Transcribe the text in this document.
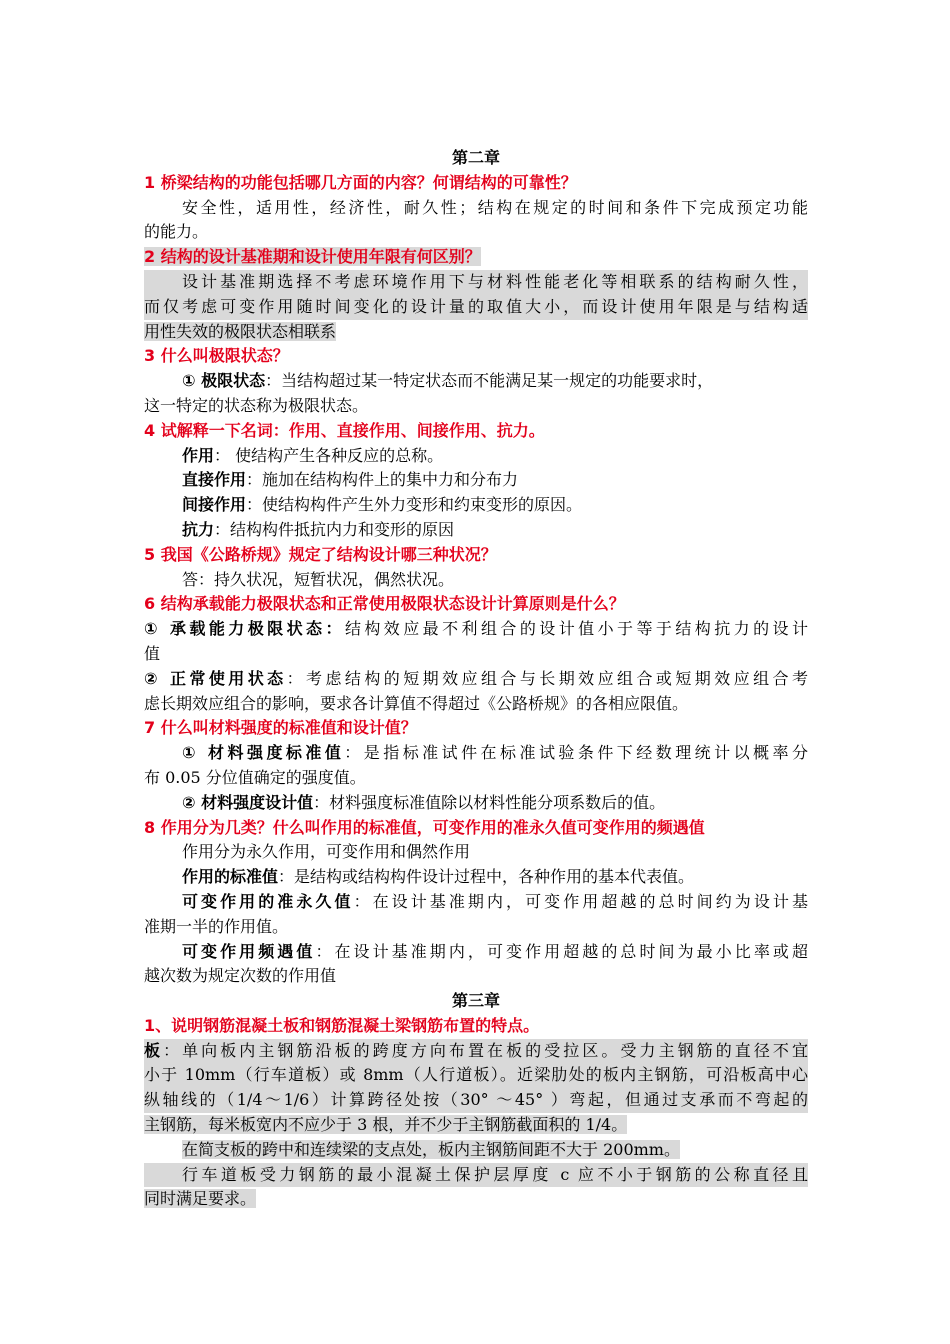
第二章
1 桥梁结构的功能包括哪几方面的内容？何谓结构的可靠性？
安全性，适用性，经济性，耐久性；结构在规定的时间和条件下完成预定功能
的能力。
2 结构的设计基准期和设计使用年限有何区别？
设计基准期选择不考虑环境作用下与材料性能老化等相联系的结构耐久性，
而仅考虑可变作用随时间变化的设计量的取值大小，而设计使用年限是与结构适
用性失效的极限状态相联系
3 什么叫极限状态？
① 极限状态：当结构超过某一特定状态而不能满足某一规定的功能要求时，
这一特定的状态称为极限状态。
4 试解释一下名词：作用、直接作用、间接作用、抗力。
作用： 使结构产生各种反应的总称。
直接作用：施加在结构构件上的集中力和分布力
间接作用：使结构构件产生外力变形和约束变形的原因。
抗力：结构构件抵抗内力和变形的原因
5 我国《公路桥规》规定了结构设计哪三种状况？
答：持久状况，短暂状况，偶然状况。
6 结构承载能力极限状态和正常使用极限状态设计计算原则是什么？
① 承载能力极限状态：结构效应最不利组合的设计值小于等于结构抗力的设计
值
② 正常使用状态：考虑结构的短期效应组合与长期效应组合或短期效应组合考
虑长期效应组合的影响，要求各计算值不得超过《公路桥规》的各相应限值。
7 什么叫材料强度的标准值和设计值？
① 材料强度标准值：是指标准试件在标准试验条件下经数理统计以概率分
布 0.05 分位值确定的强度值。
② 材料强度设计值：材料强度标准值除以材料性能分项系数后的值。
8 作用分为几类？什么叫作用的标准值，可变作用的准永久值可变作用的频遇值
作用分为永久作用，可变作用和偶然作用
作用的标准值：是结构或结构构件设计过程中，各种作用的基本代表值。
可变作用的准永久值：在设计基准期内，可变作用超越的总时间约为设计基
准期一半的作用值。
可变作用频遇值：在设计基准期内，可变作用超越的总时间为最小比率或超
越次数为规定次数的作用值
第三章
1、说明钢筋混凝土板和钢筋混凝土梁钢筋布置的特点。
板：单向板内主钢筋沿板的跨度方向布置在板的受拉区。受力主钢筋的直径不宜
小于 10mm（行车道板）或 8mm（人行道板）。近梁肋处的板内主钢筋，可沿板高中心
纵轴线的（1/4～1/6）计算跨径处按（30° ～45° ）弯起，但通过支承而不弯起的
主钢筋，每米板宽内不应少于 3 根，并不少于主钢筋截面积的 1/4。
在简支板的跨中和连续梁的支点处，板内主钢筋间距不大于 200mm。
行车道板受力钢筋的最小混凝土保护层厚度 c 应不小于钢筋的公称直径且
同时满足要求。
